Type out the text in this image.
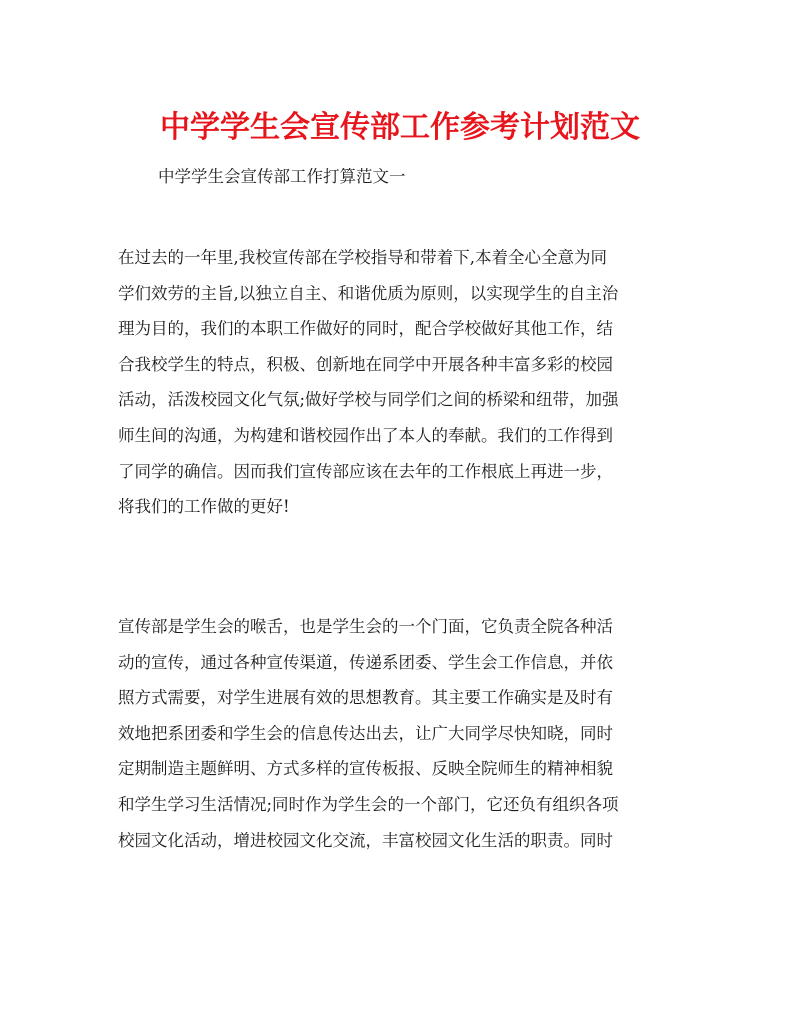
中学学生会宣传部工作参考计划范文

中学学生会宣传部工作打算范文一

在过去的一年里,我校宣传部在学校指导和带着下,本着全心全意为同
学们效劳的主旨,以独立自主、和谐优质为原则，以实现学生的自主治
理为目的，我们的本职工作做好的同时，配合学校做好其他工作，结
合我校学生的特点，积极、创新地在同学中开展各种丰富多彩的校园
活动，活泼校园文化气氛;做好学校与同学们之间的桥梁和纽带，加强
师生间的沟通，为构建和谐校园作出了本人的奉献。我们的工作得到
了同学的确信。因而我们宣传部应该在去年的工作根底上再进一步，
将我们的工作做的更好!
宣传部是学生会的喉舌，也是学生会的一个门面，它负责全院各种活
动的宣传，通过各种宣传渠道，传递系团委、学生会工作信息，并依
照方式需要，对学生进展有效的思想教育。其主要工作确实是及时有
效地把系团委和学生会的信息传达出去，让广大同学尽快知晓，同时
定期制造主题鲜明、方式多样的宣传板报、反映全院师生的精神相貌
和学生学习生活情况;同时作为学生会的一个部门，它还负有组织各项
校园文化活动，增进校园文化交流，丰富校园文化生活的职责。同时
